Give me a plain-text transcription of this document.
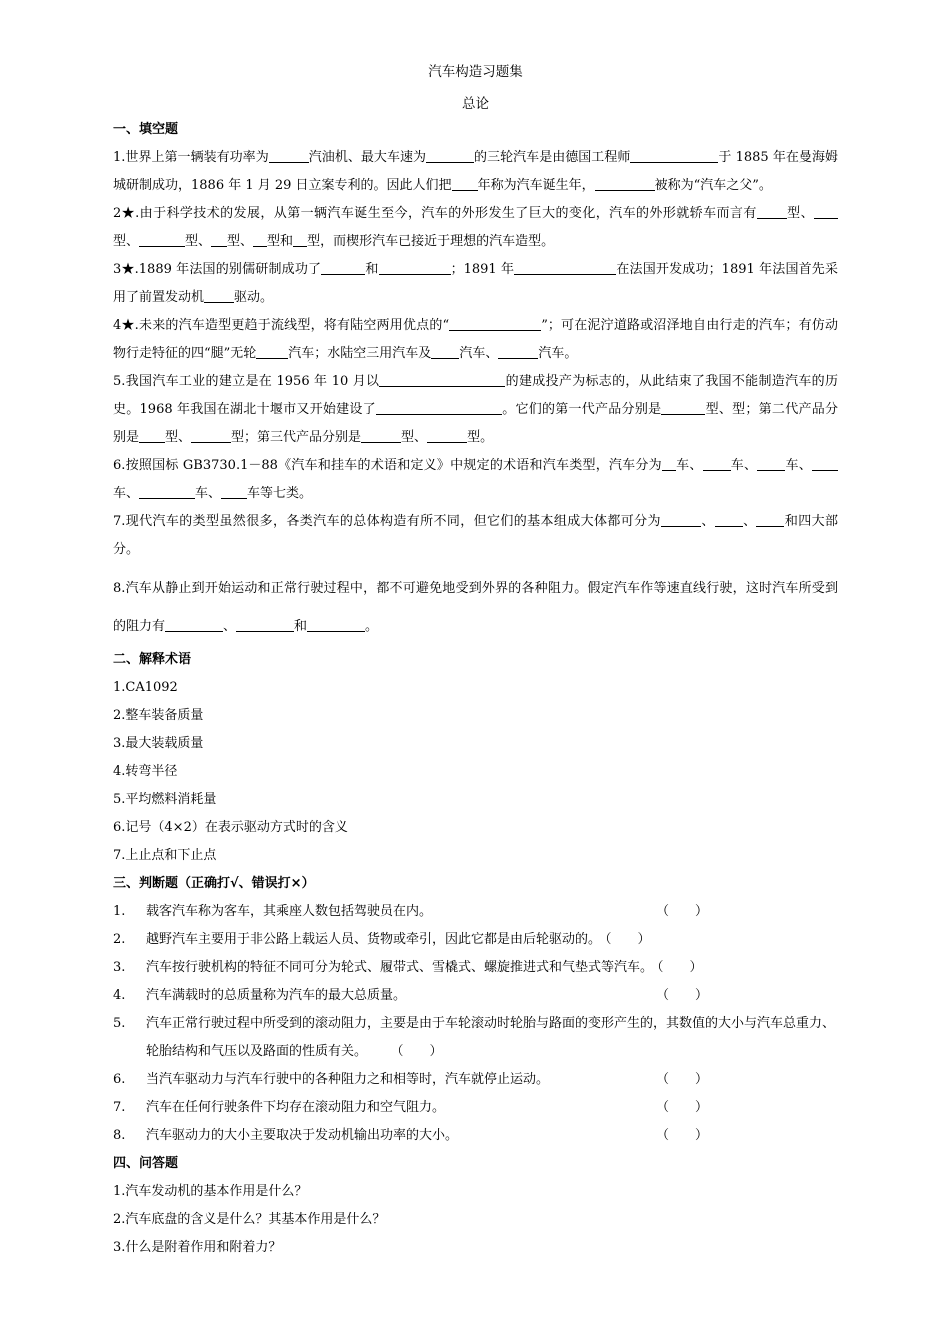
汽车构造习题集
总论
一、填空题

1.世界上第一辆装有功率为	汽油机、最大车速为	的三轮汽车是由德国工程师	于 1885 年在曼海姆城研制成功，1886 年 1 月 29 日立案专利的。因此人们把 年称为汽车诞生年，	被称为“汽车之父”。

2★.由于科学技术的发展，从第一辆汽车诞生至今，汽车的外形发生了巨大的变化，汽车的外形就轿车而言有 型、型、	型、 型、 型和 型，而楔形汽车已接近于理想的汽车造型。

3★.1889 年法国的别儒研制成功了	和	；1891 年	在法国开发成功；1891 年法国首先采用了前置发动机 驱动。

4★.未来的汽车造型更趋于流线型，将有陆空两用优点的“	”；可在泥泞道路或沼泽地自由行走的汽车；有仿动物行走特征的四“腿”无轮 汽车；水陆空三用汽车及 汽车、	汽车。

5.我国汽车工业的建立是在 1956 年 10 月以	的建成投产为标志的，从此结束了我国不能制造汽车的历史。1968 年我国在湖北十堰市又开始建设了	。它们的第一代产品分别是	型、型；第二代产品分别是 型、	型；第三代产品分别是	型、	型。

6.按照国标 GB3730.1－88《汽车和挂车的术语和定义》中规定的术语和汽车类型，汽车分为 车、 车、 车、车、	车、 车等七类。

7.现代汽车的类型虽然很多，各类汽车的总体构造有所不同，但它们的基本组成大体都可分为	、 、 和四大部分。

8.汽车从静止到开始运动和正常行驶过程中，都不可避免地受到外界的各种阻力。假定汽车作等速直线行驶，这时汽车所受到的阻力有	、	和	。

二、解释术语
1.CA1092
2.整车装备质量
3.最大装载质量
4.转弯半径
5.平均燃料消耗量
6.记号（4×2）在表示驱动方式时的含义
7.上止点和下止点
三、判断题（正确打√、错误打×）
1. 载客汽车称为客车，其乘座人数包括驾驶员在内。	（　　）
2. 越野汽车主要用于非公路上载运人员、货物或牵引，因此它都是由后轮驱动的。 （　　）
3. 汽车按行驶机构的特征不同可分为轮式、履带式、雪橇式、螺旋推进式和气垫式等汽车。 （　　）
4. 汽车满载时的总质量称为汽车的最大总质量。	（　　）
5. 汽车正常行驶过程中所受到的滚动阻力，主要是由于车轮滚动时轮胎与路面的变形产生的，其数值的大小与汽车总重力、轮胎结构和气压以及路面的性质有关。 （　　）
6. 当汽车驱动力与汽车行驶中的各种阻力之和相等时，汽车就停止运动。	（　　）
7. 汽车在任何行驶条件下均存在滚动阻力和空气阻力。	（　　）
8. 汽车驱动力的大小主要取决于发动机输出功率的大小。	（　　）
四、问答题
1.汽车发动机的基本作用是什么？
2.汽车底盘的含义是什么？其基本作用是什么？
3.什么是附着作用和附着力？
